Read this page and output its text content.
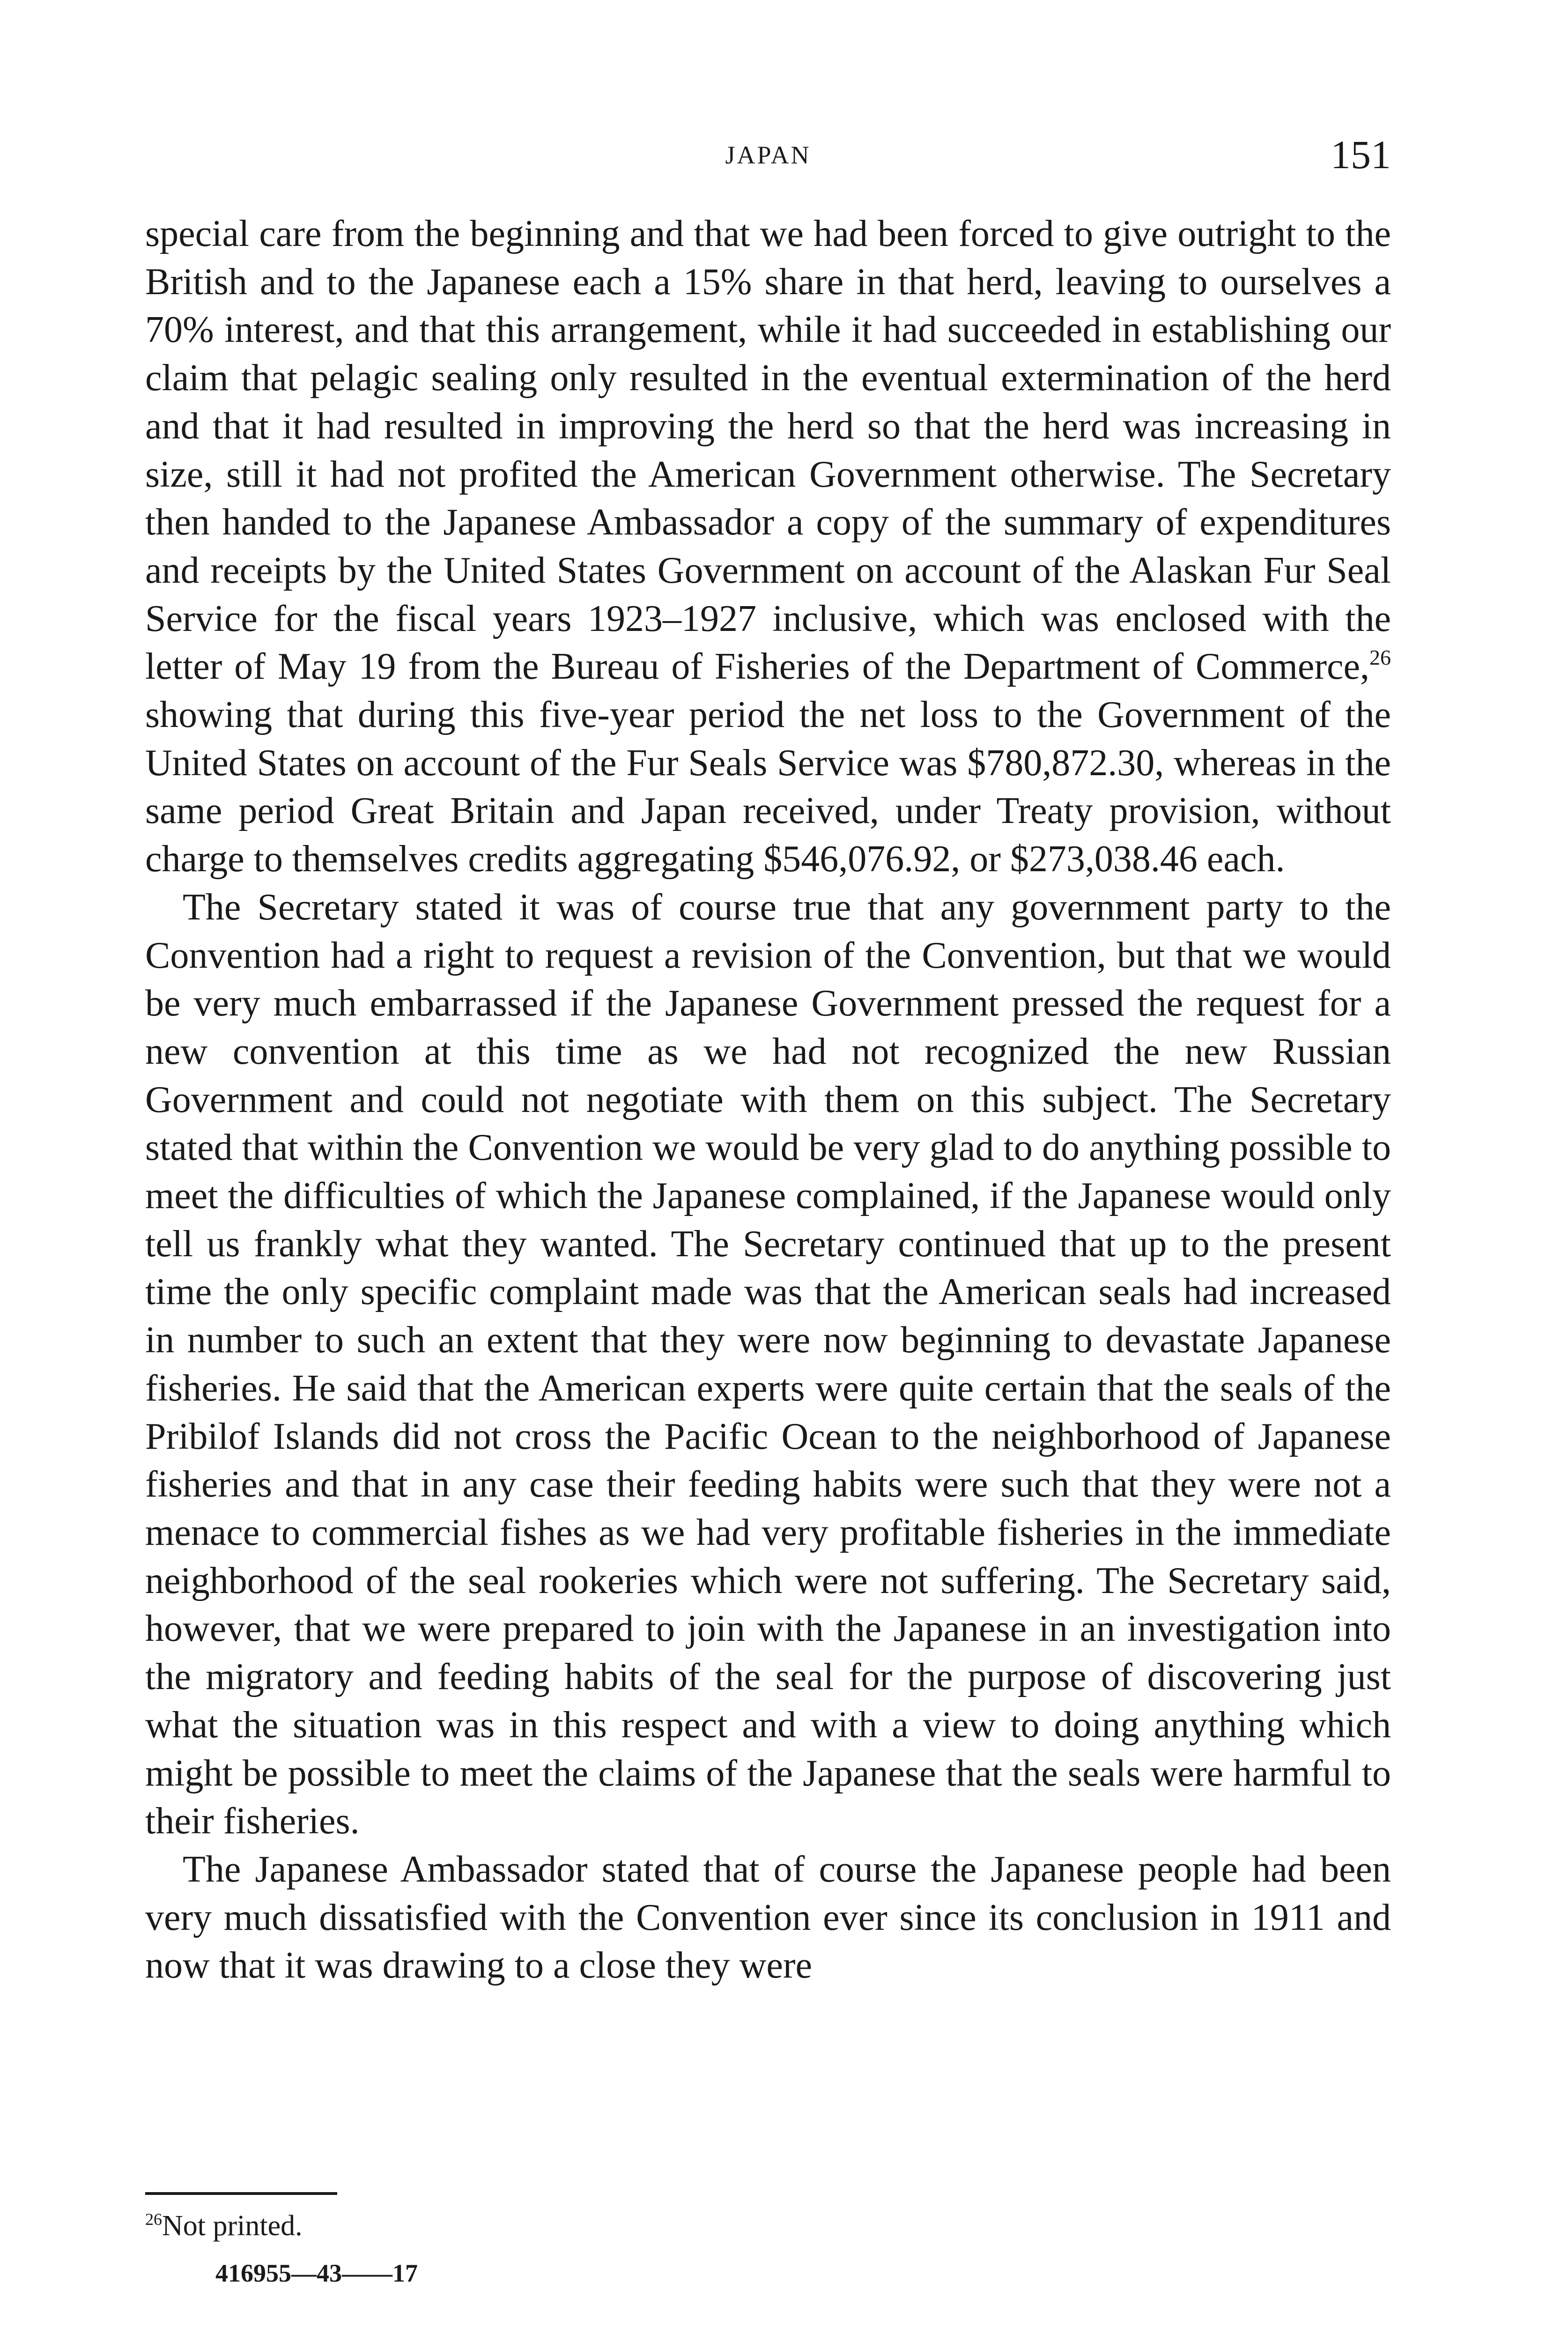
JAPAN	151

special care from the beginning and that we had been forced to give outright to the British and to the Japanese each a 15% share in that herd, leaving to ourselves a 70% interest, and that this arrangement, while it had succeeded in establishing our claim that pelagic sealing only resulted in the eventual extermination of the herd and that it had resulted in improving the herd so that the herd was increasing in size, still it had not profited the American Government otherwise. The Secretary then handed to the Japanese Ambassador a copy of the summary of expenditures and receipts by the United States Government on account of the Alaskan Fur Seal Service for the fiscal years 1923–1927 inclusive, which was enclosed with the letter of May 19 from the Bureau of Fisheries of the Department of Commerce,$^{26}$ showing that during this five-year period the net loss to the Government of the United States on account of the Fur Seals Service was $780,872.30, whereas in the same period Great Britain and Japan received, under Treaty provision, without charge to themselves credits aggregating $546,076.92, or $273,038.46 each.

The Secretary stated it was of course true that any government party to the Convention had a right to request a revision of the Convention, but that we would be very much embarrassed if the Japanese Government pressed the request for a new convention at this time as we had not recognized the new Russian Government and could not negotiate with them on this subject. The Secretary stated that within the Convention we would be very glad to do anything possible to meet the difficulties of which the Japanese complained, if the Japanese would only tell us frankly what they wanted. The Secretary continued that up to the present time the only specific complaint made was that the American seals had increased in number to such an extent that they were now beginning to devastate Japanese fisheries. He said that the American experts were quite certain that the seals of the Pribilof Islands did not cross the Pacific Ocean to the neighborhood of Japanese fisheries and that in any case their feeding habits were such that they were not a menace to commercial fishes as we had very profitable fisheries in the immediate neighborhood of the seal rookeries which were not suffering. The Secretary said, however, that we were prepared to join with the Japanese in an investigation into the migratory and feeding habits of the seal for the purpose of discovering just what the situation was in this respect and with a view to doing anything which might be possible to meet the claims of the Japanese that the seals were harmful to their fisheries.

The Japanese Ambassador stated that of course the Japanese people had been very much dissatisfied with the Convention ever since its conclusion in 1911 and now that it was drawing to a close they were

$^{26}$Not printed.
416955—43——17
